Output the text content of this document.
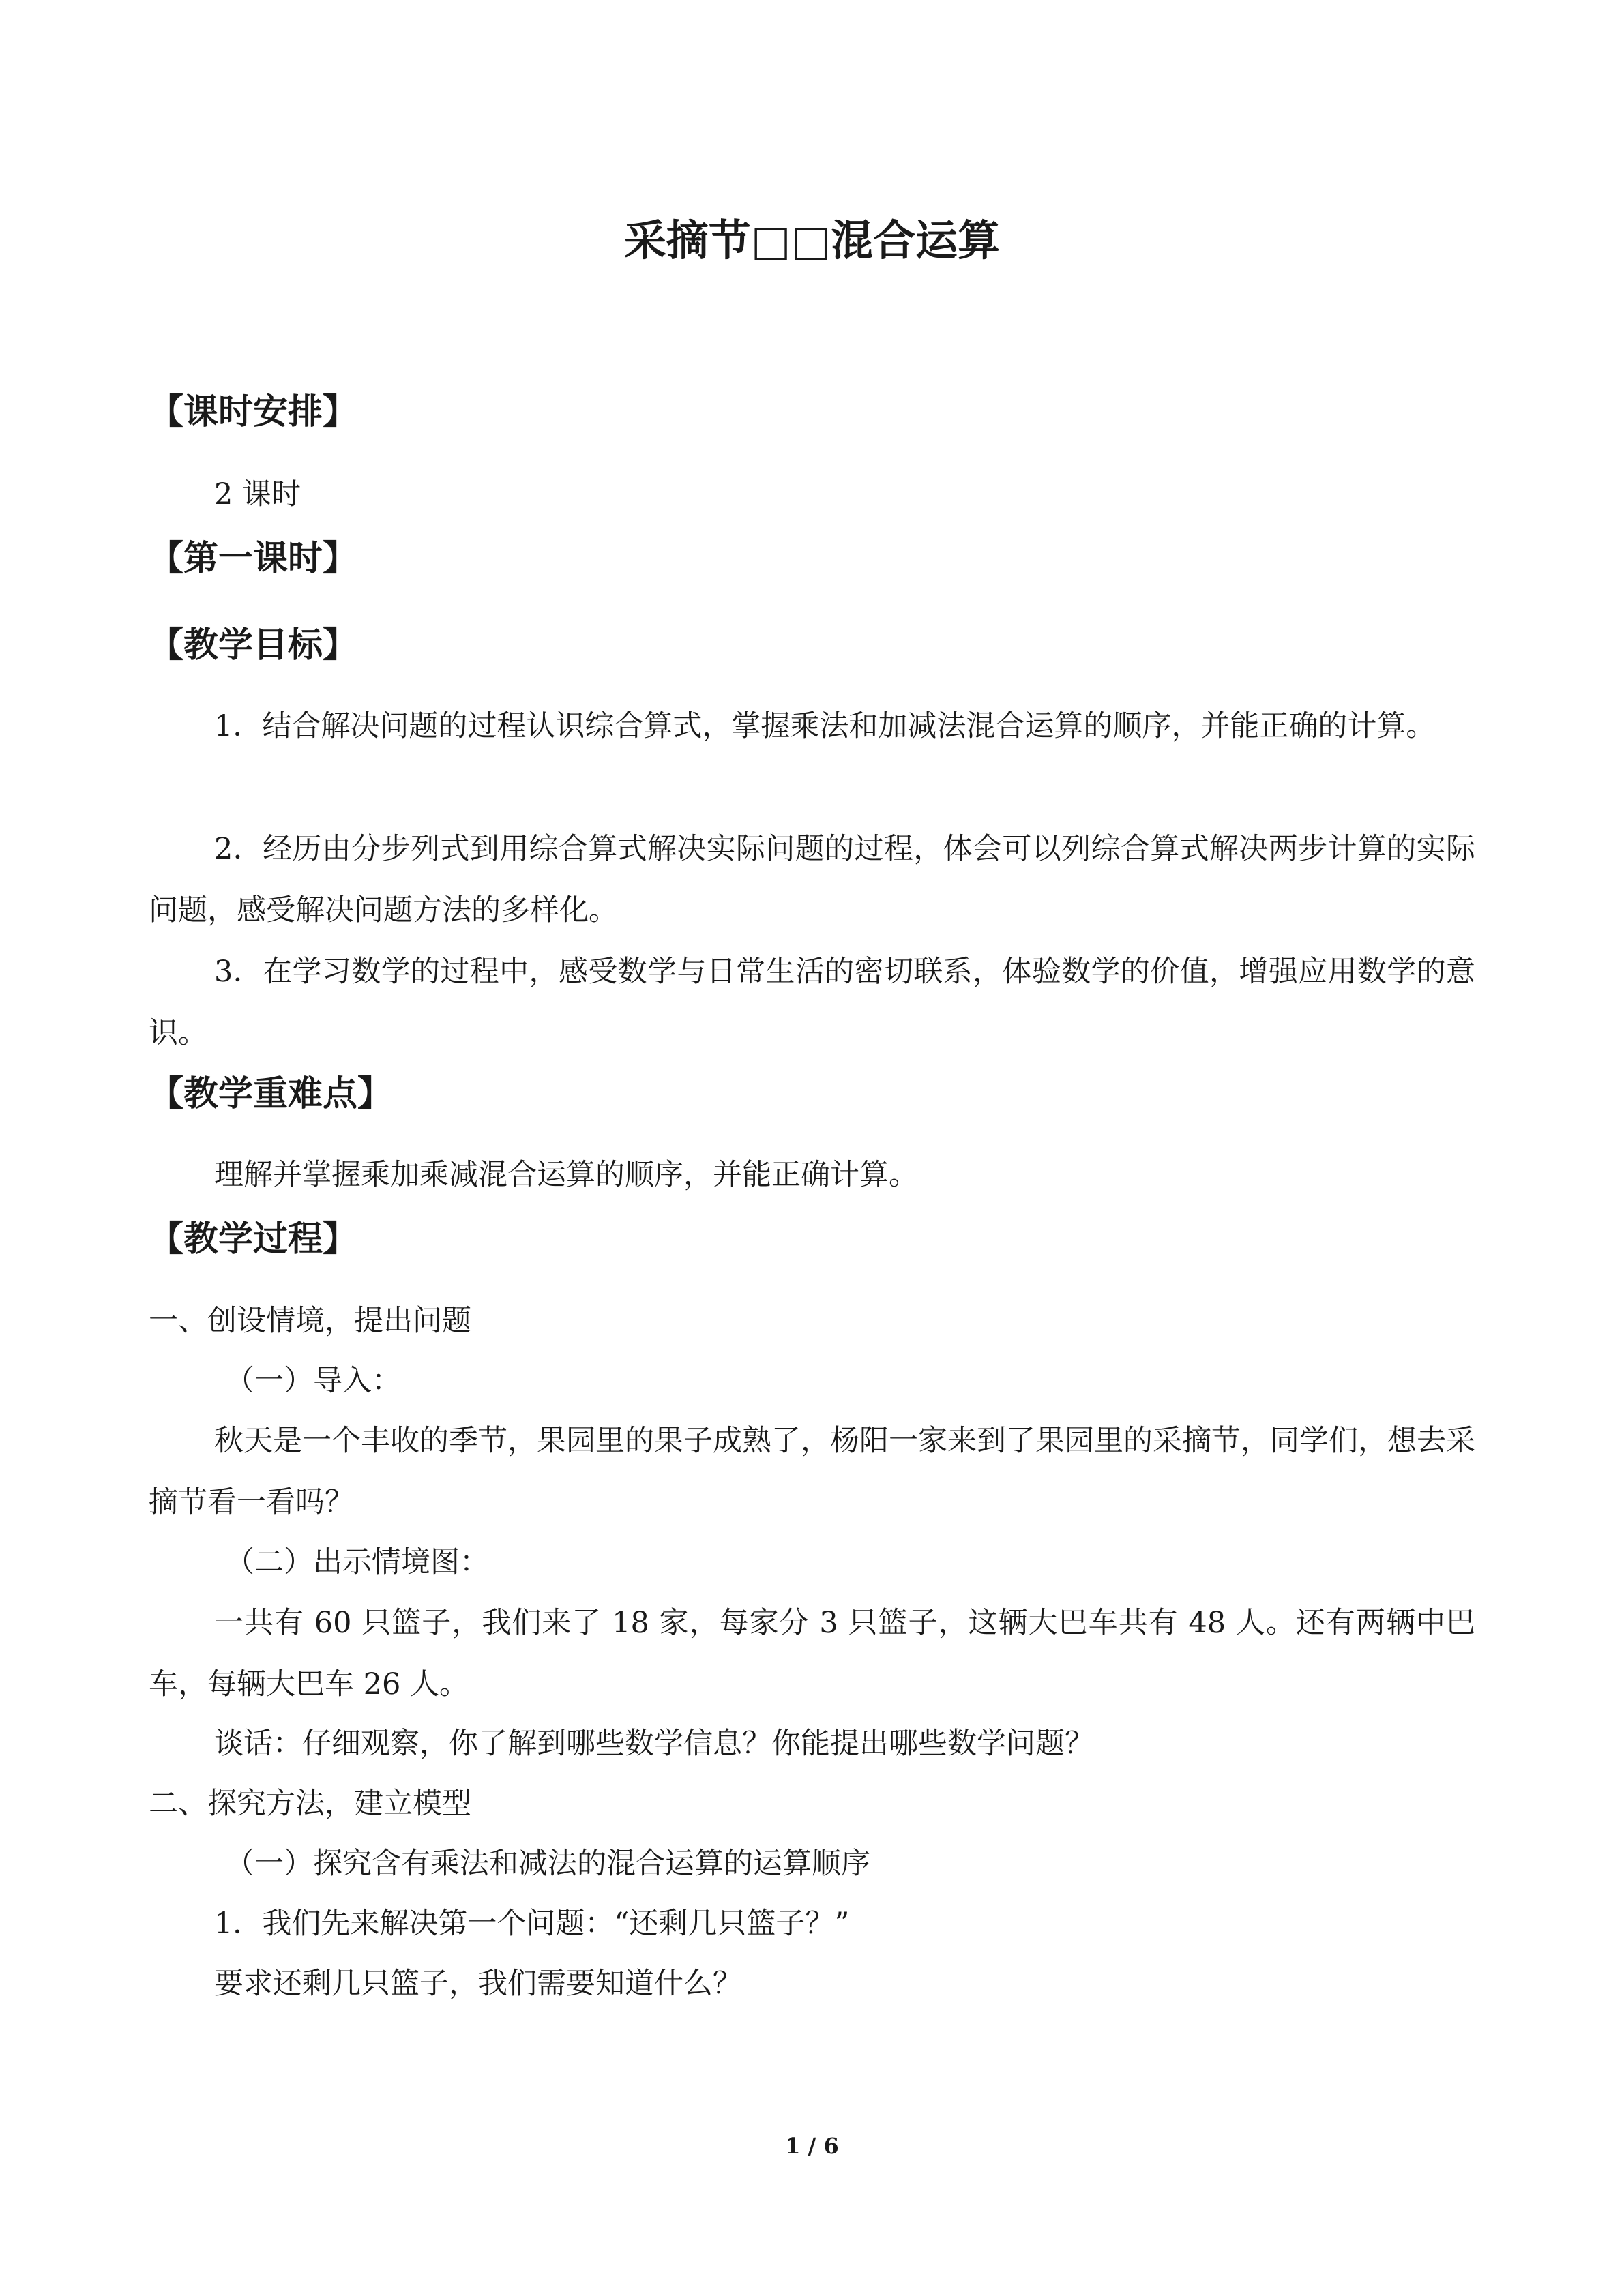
采摘节□□混合运算
【课时安排】
2 课时
【第一课时】
【教学目标】
1．结合解决问题的过程认识综合算式，掌握乘法和加减法混合运算的顺序，并能正确的计算。
2．经历由分步列式到用综合算式解决实际问题的过程，体会可以列综合算式解决两步计算的实际问题，感受解决问题方法的多样化。
3．在学习数学的过程中，感受数学与日常生活的密切联系，体验数学的价值，增强应用数学的意识。
【教学重难点】
理解并掌握乘加乘减混合运算的顺序，并能正确计算。
【教学过程】
一、创设情境，提出问题
（一）导入：
秋天是一个丰收的季节，果园里的果子成熟了，杨阳一家来到了果园里的采摘节，同学们，想去采摘节看一看吗？
（二）出示情境图：
一共有 60 只篮子，我们来了 18 家，每家分 3 只篮子，这辆大巴车共有 48 人。还有两辆中巴车，每辆大巴车 26 人。
谈话：仔细观察，你了解到哪些数学信息？你能提出哪些数学问题？
二、探究方法，建立模型
（一）探究含有乘法和减法的混合运算的运算顺序
1．我们先来解决第一个问题：“还剩几只篮子？”
要求还剩几只篮子，我们需要知道什么？
1 / 6
